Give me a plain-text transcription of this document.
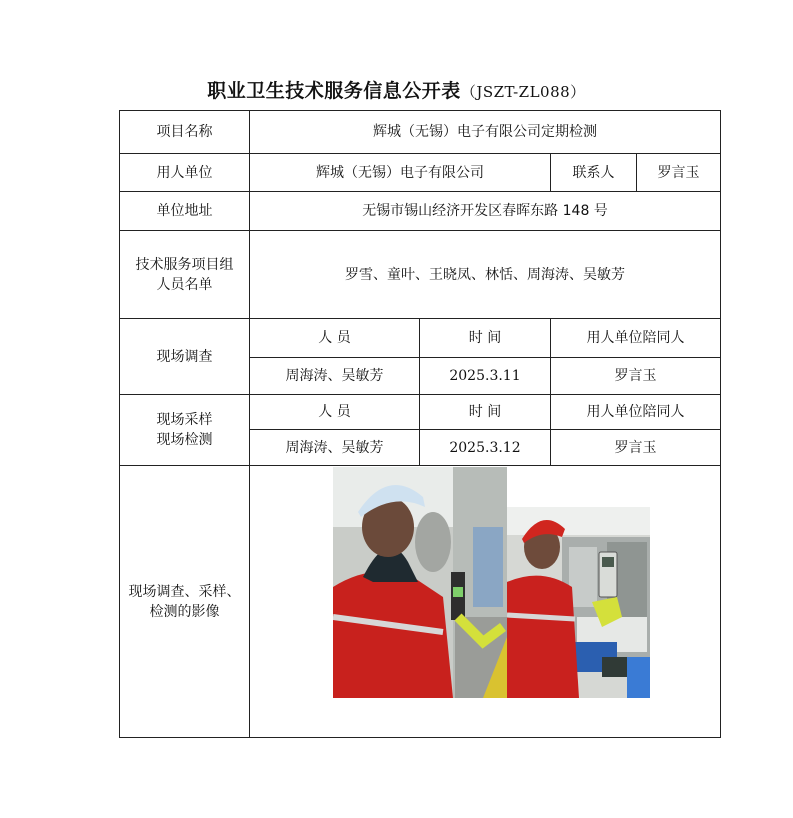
职业卫生技术服务信息公开表（JSZT-ZL088）
项目名称	辉城（无锡）电子有限公司定期检测			
用人单位	辉城（无锡）电子有限公司		联系人	罗言玉
单位地址	无锡市锡山经济开发区春晖东路 148 号			

技术服务项目组
人员名单	罗雪、童叶、王晓凤、林恬、周海涛、吴敏芳			
现场调查	人 员	时 间	用人单位陪同人	
	周海涛、吴敏芳	2025.3.11	罗言玉	

现场采样
现场检测	人 员	时 间	用人单位陪同人	
	周海涛、吴敏芳	2025.3.12	罗言玉	

现场调查、采样、
检测的影像
